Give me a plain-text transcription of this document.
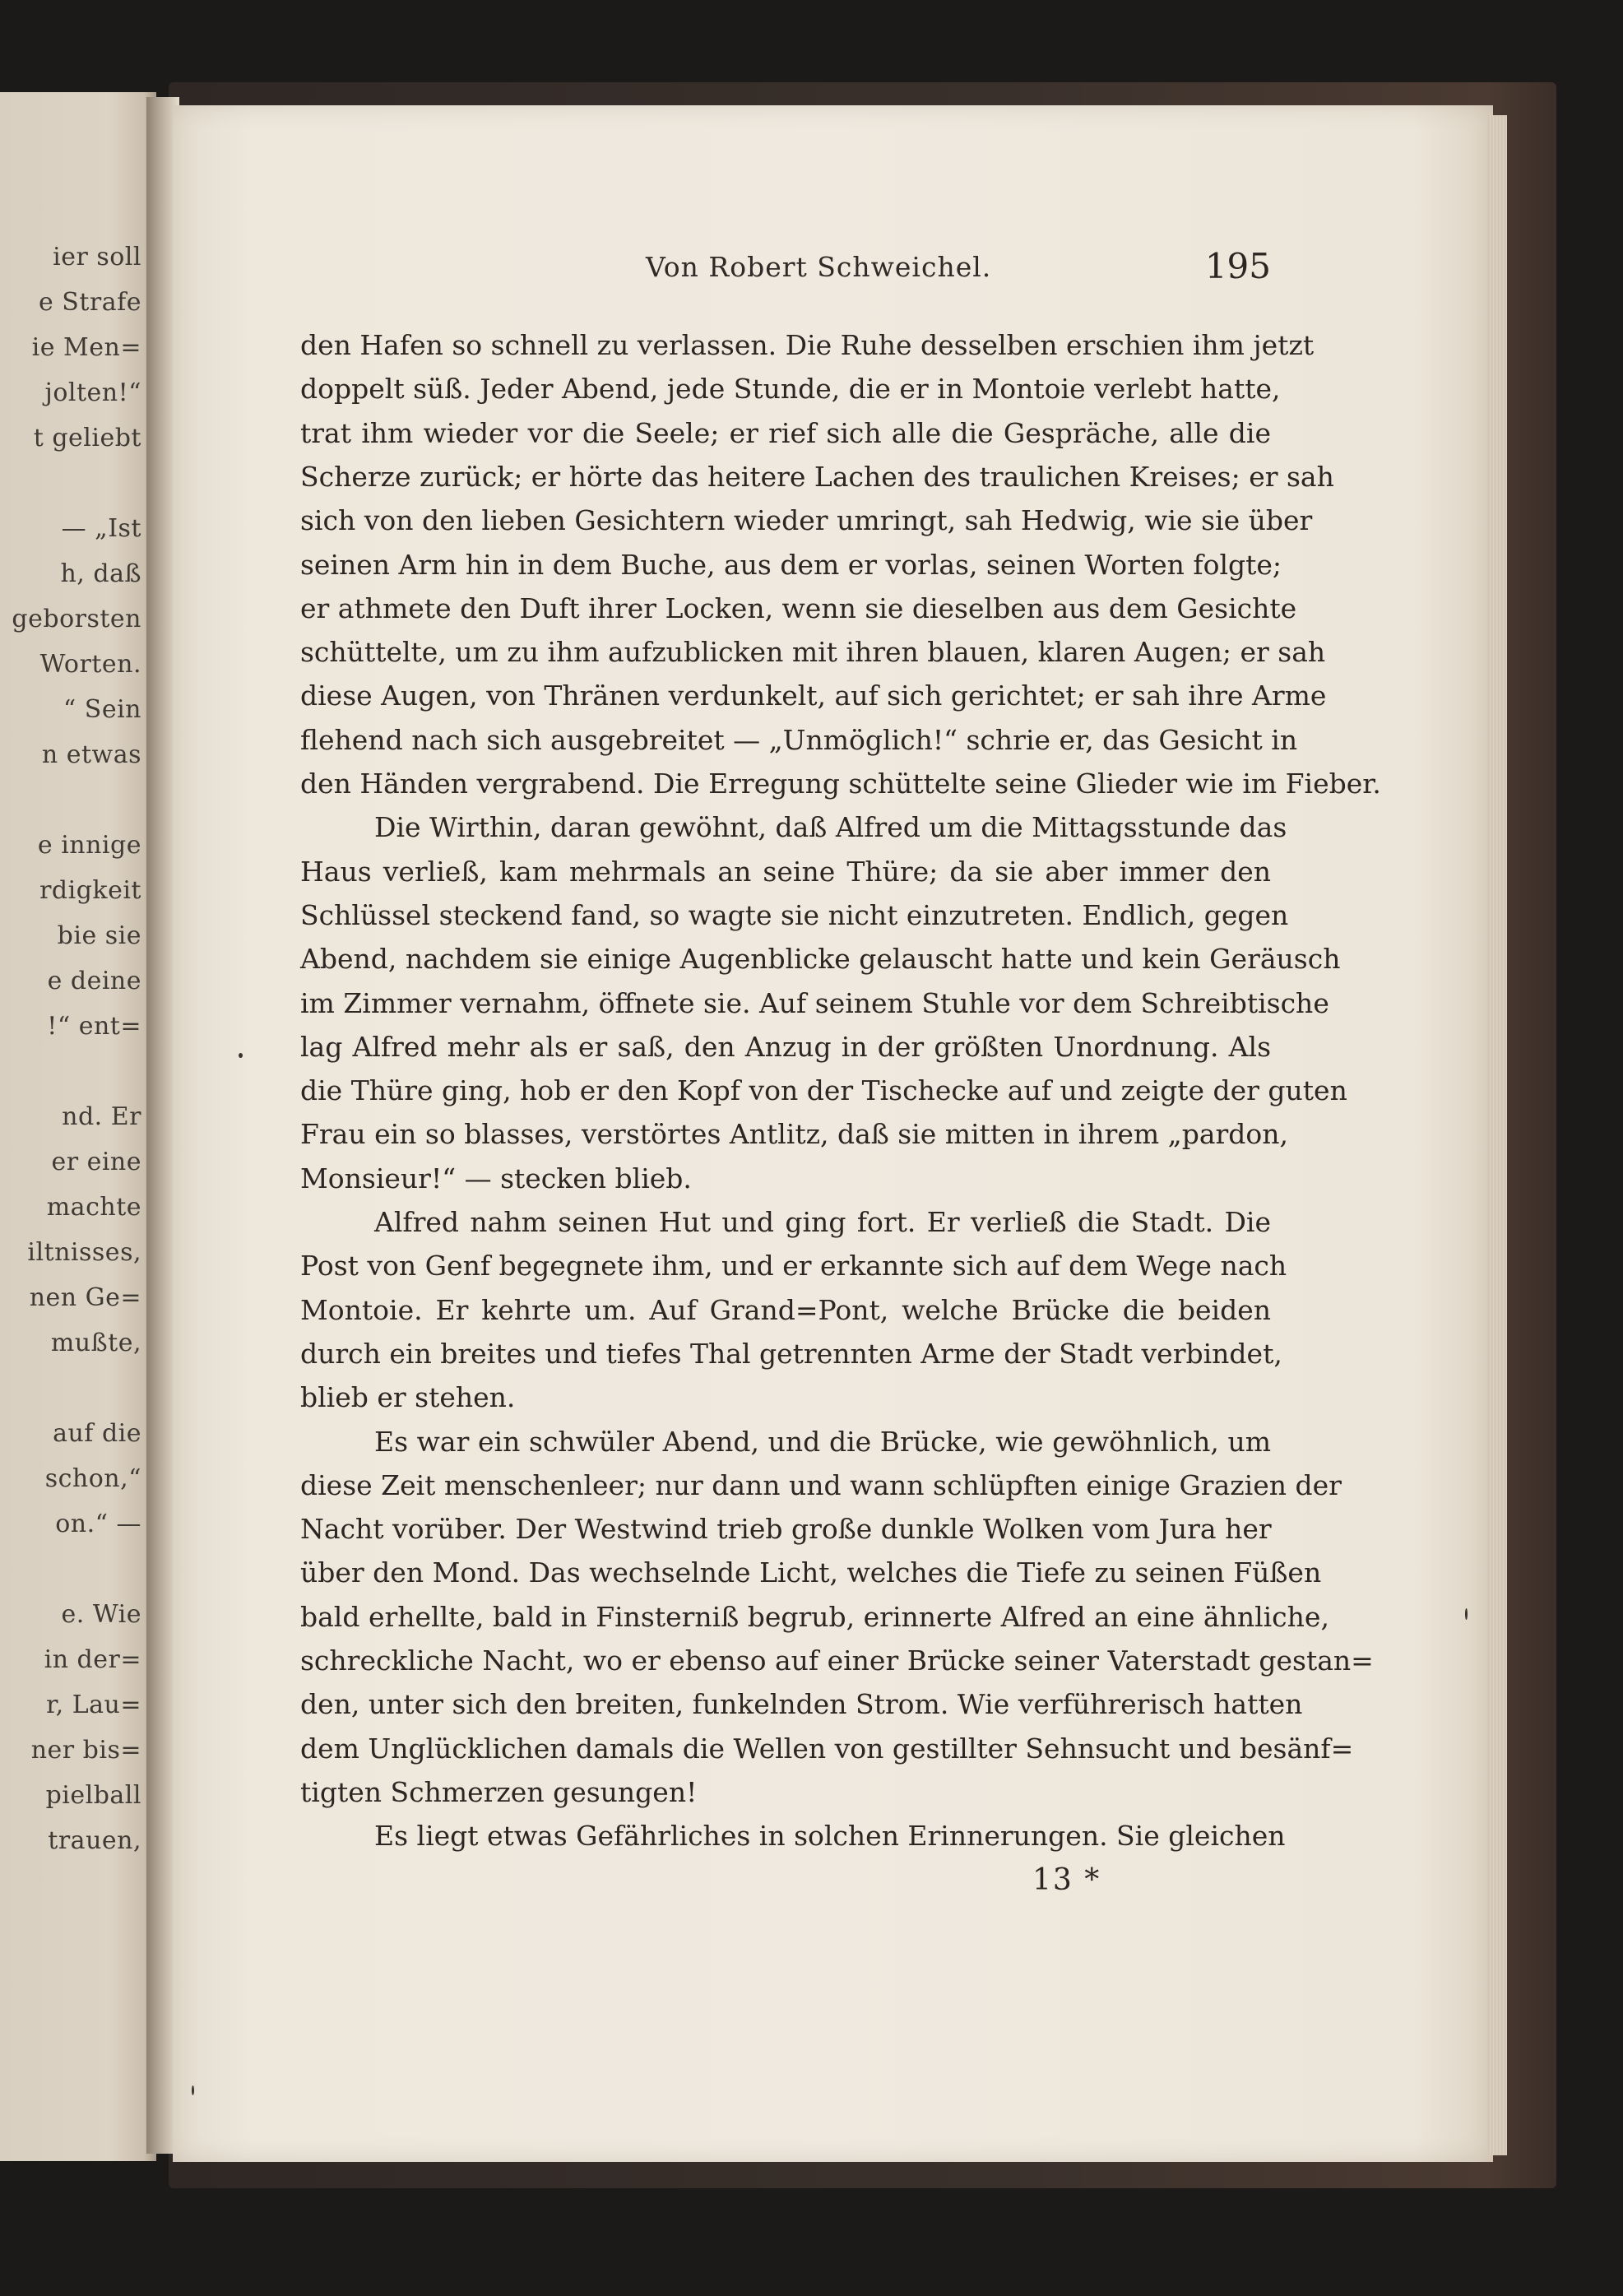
ier soll
e Strafe
ie Men=
jolten!“
t geliebt
— „Ist
h, daß
geborsten
Worten.
“ Sein
n etwas
e innige
rdigkeit
bie sie
e deine
!“ ent=
nd. Er
er eine
machte
iltnisses,
nen Ge=
mußte,
auf die
schon,“
on.“ —
e. Wie
in der=
r, Lau=
ner bis=
pielball
trauen,
Von Robert Schweichel.	195
den Hafen so schnell zu verlassen. Die Ruhe desselben erschien ihm jetzt
doppelt süß. Jeder Abend, jede Stunde, die er in Montoie verlebt hatte,
trat ihm wieder vor die Seele; er rief sich alle die Gespräche, alle die
Scherze zurück; er hörte das heitere Lachen des traulichen Kreises; er sah
sich von den lieben Gesichtern wieder umringt, sah Hedwig, wie sie über
seinen Arm hin in dem Buche, aus dem er vorlas, seinen Worten folgte;
er athmete den Duft ihrer Locken, wenn sie dieselben aus dem Gesichte
schüttelte, um zu ihm aufzublicken mit ihren blauen, klaren Augen; er sah
diese Augen, von Thränen verdunkelt, auf sich gerichtet; er sah ihre Arme
flehend nach sich ausgebreitet — „Unmöglich!“ schrie er, das Gesicht in
den Händen vergrabend. Die Erregung schüttelte seine Glieder wie im Fieber.
Die Wirthin, daran gewöhnt, daß Alfred um die Mittagsstunde das
Haus verließ, kam mehrmals an seine Thüre; da sie aber immer den
Schlüssel steckend fand, so wagte sie nicht einzutreten. Endlich, gegen
Abend, nachdem sie einige Augenblicke gelauscht hatte und kein Geräusch
im Zimmer vernahm, öffnete sie. Auf seinem Stuhle vor dem Schreibtische
lag Alfred mehr als er saß, den Anzug in der größten Unordnung. Als
die Thüre ging, hob er den Kopf von der Tischecke auf und zeigte der guten
Frau ein so blasses, verstörtes Antlitz, daß sie mitten in ihrem „pardon,
Monsieur!“ — stecken blieb.
Alfred nahm seinen Hut und ging fort. Er verließ die Stadt. Die
Post von Genf begegnete ihm, und er erkannte sich auf dem Wege nach
Montoie. Er kehrte um. Auf Grand=Pont, welche Brücke die beiden
durch ein breites und tiefes Thal getrennten Arme der Stadt verbindet,
blieb er stehen.
Es war ein schwüler Abend, und die Brücke, wie gewöhnlich, um
diese Zeit menschenleer; nur dann und wann schlüpften einige Grazien der
Nacht vorüber. Der Westwind trieb große dunkle Wolken vom Jura her
über den Mond. Das wechselnde Licht, welches die Tiefe zu seinen Füßen
bald erhellte, bald in Finsterniß begrub, erinnerte Alfred an eine ähnliche,
schreckliche Nacht, wo er ebenso auf einer Brücke seiner Vaterstadt gestan=
den, unter sich den breiten, funkelnden Strom. Wie verführerisch hatten
dem Unglücklichen damals die Wellen von gestillter Sehnsucht und besänf=
tigten Schmerzen gesungen!
Es liegt etwas Gefährliches in solchen Erinnerungen. Sie gleichen
13 *
